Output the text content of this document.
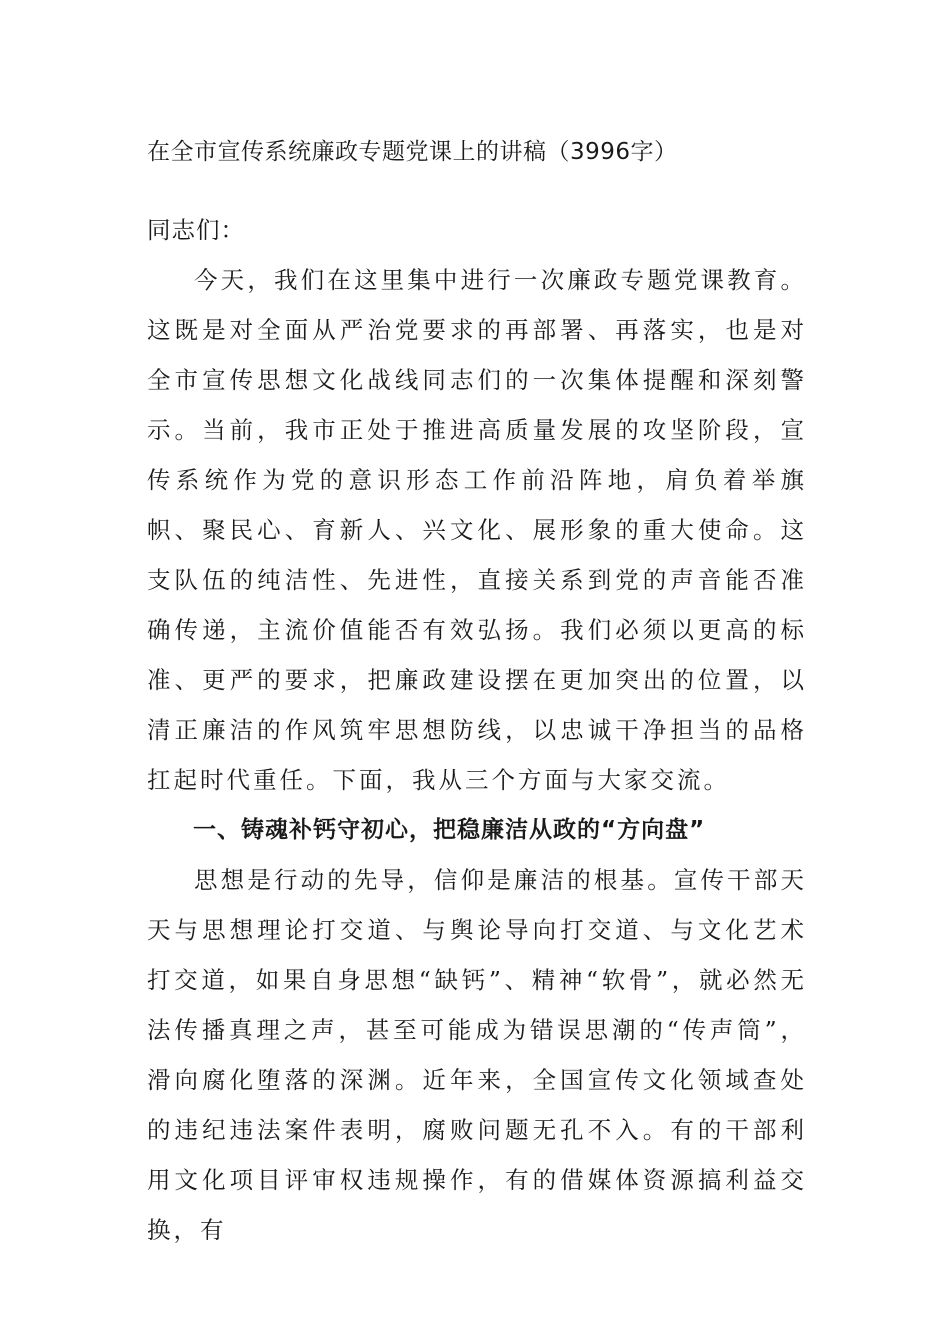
在全市宣传系统廉政专题党课上的讲稿（3996字）

同志们：

今天，我们在这里集中进行一次廉政专题党课教育。这既是对全面从严治党要求的再部署、再落实，也是对全市宣传思想文化战线同志们的一次集体提醒和深刻警示。当前，我市正处于推进高质量发展的攻坚阶段，宣传系统作为党的意识形态工作前沿阵地，肩负着举旗帜、聚民心、育新人、兴文化、展形象的重大使命。这支队伍的纯洁性、先进性，直接关系到党的声音能否准确传递，主流价值能否有效弘扬。我们必须以更高的标准、更严的要求，把廉政建设摆在更加突出的位置，以清正廉洁的作风筑牢思想防线，以忠诚干净担当的品格扛起时代重任。下面，我从三个方面与大家交流。

一、铸魂补钙守初心，把稳廉洁从政的“方向盘”

思想是行动的先导，信仰是廉洁的根基。宣传干部天天与思想理论打交道、与舆论导向打交道、与文化艺术打交道，如果自身思想“缺钙”、精神“软骨”，就必然无法传播真理之声，甚至可能成为错误思潮的“传声筒”，滑向腐化堕落的深渊。近年来，全国宣传文化领域查处的违纪违法案件表明，腐败问题无孔不入。有的干部利用文化项目评审权违规操作，有的借媒体资源搞利益交换，有
